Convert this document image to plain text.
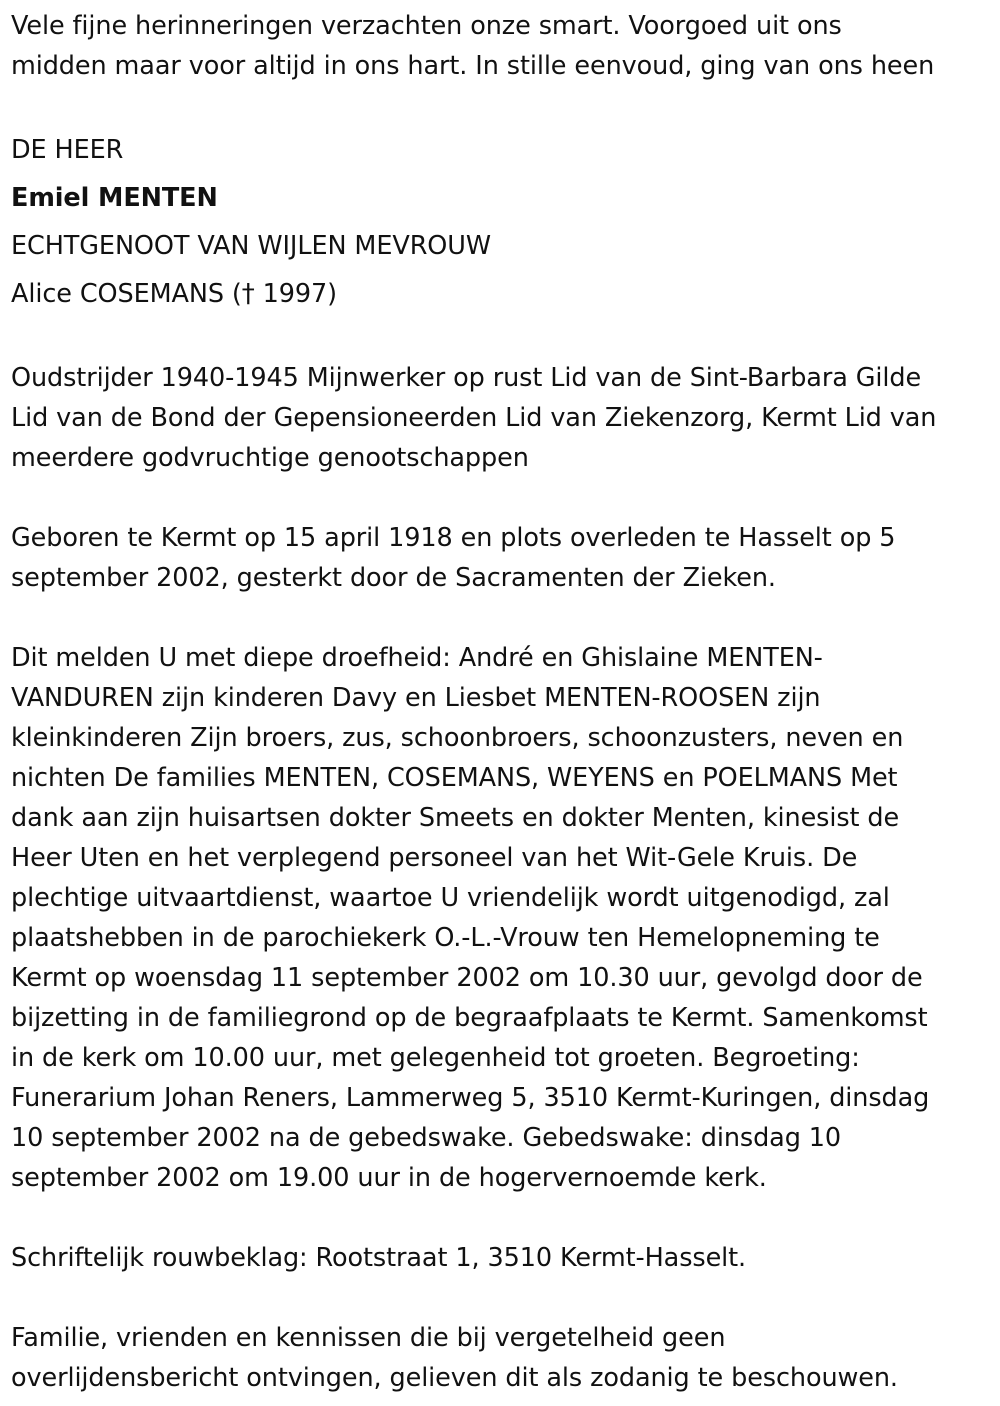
Vele fijne herinneringen verzachten onze smart. Voorgoed uit ons
midden maar voor altijd in ons hart. In stille eenvoud, ging van ons heen
DE HEER
Emiel MENTEN
ECHTGENOOT VAN WIJLEN MEVROUW
Alice COSEMANS († 1997)
Oudstrijder 1940-1945 Mijnwerker op rust Lid van de Sint-Barbara Gilde
Lid van de Bond der Gepensioneerden Lid van Ziekenzorg, Kermt Lid van
meerdere godvruchtige genootschappen
Geboren te Kermt op 15 april 1918 en plots overleden te Hasselt op 5
september 2002, gesterkt door de Sacramenten der Zieken.
Dit melden U met diepe droefheid: André en Ghislaine MENTEN-
VANDUREN zijn kinderen Davy en Liesbet MENTEN-ROOSEN zijn
kleinkinderen Zijn broers, zus, schoonbroers, schoonzusters, neven en
nichten De families MENTEN, COSEMANS, WEYENS en POELMANS Met
dank aan zijn huisartsen dokter Smeets en dokter Menten, kinesist de
Heer Uten en het verplegend personeel van het Wit-Gele Kruis. De
plechtige uitvaartdienst, waartoe U vriendelijk wordt uitgenodigd, zal
plaatshebben in de parochiekerk O.-L.-Vrouw ten Hemelopneming te
Kermt op woensdag 11 september 2002 om 10.30 uur, gevolgd door de
bijzetting in de familiegrond op de begraafplaats te Kermt. Samenkomst
in de kerk om 10.00 uur, met gelegenheid tot groeten. Begroeting:
Funerarium Johan Reners, Lammerweg 5, 3510 Kermt-Kuringen, dinsdag
10 september 2002 na de gebedswake. Gebedswake: dinsdag 10
september 2002 om 19.00 uur in de hogervernoemde kerk.
Schriftelijk rouwbeklag: Rootstraat 1, 3510 Kermt-Hasselt.
Familie, vrienden en kennissen die bij vergetelheid geen
overlijdensbericht ontvingen, gelieven dit als zodanig te beschouwen.
